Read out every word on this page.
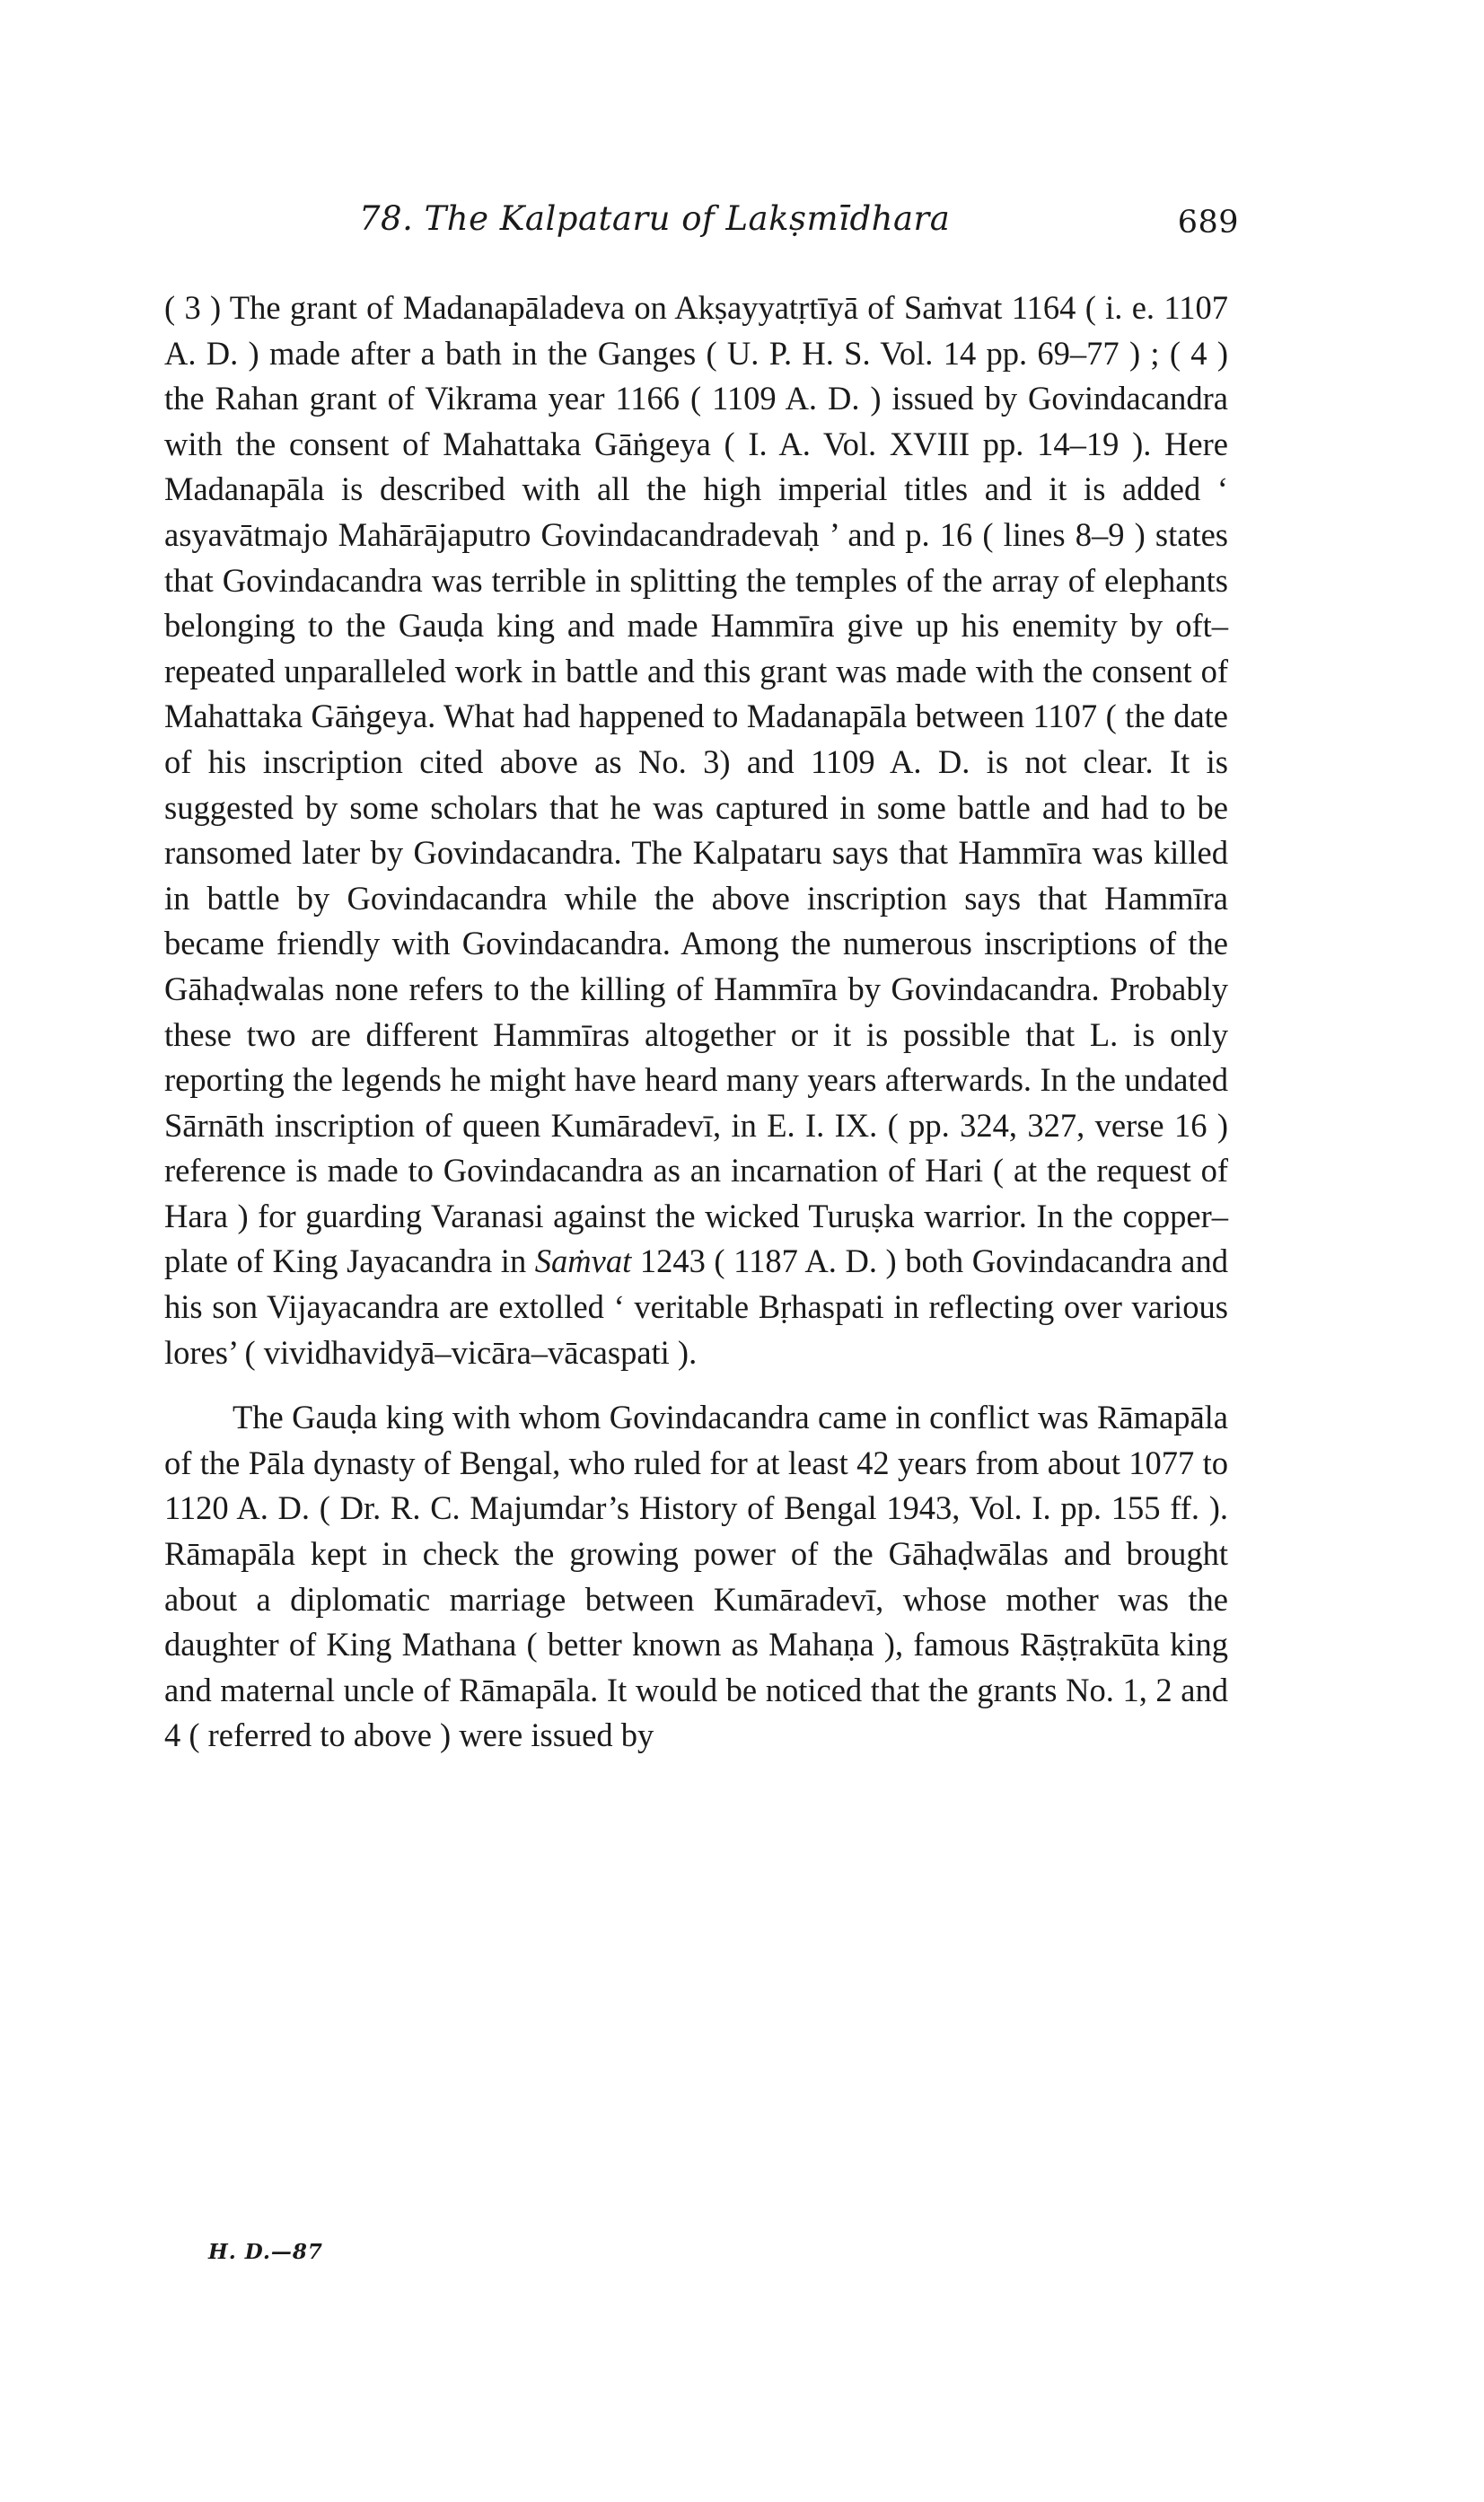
78. The Kalpataru of Lakṣmīdhara	689

( 3 ) The grant of Madanapāladeva on Akṣayyatṛtīyā of Saṁvat 1164 ( i. e. 1107 A. D. ) made after a bath in the Ganges ( U. P. H. S. Vol. 14 pp. 69–77 ) ; ( 4 ) the Rahan grant of Vikrama year 1166 ( 1109 A. D. ) issued by Govindacandra with the consent of Mahattaka Gāṅgeya ( I. A. Vol. XVIII pp. 14–19 ). Here Madanapāla is described with all the high imperial titles and it is added ‘ asyavātmajo Mahārājaputro Govindacandradevaḥ ’ and p. 16 ( lines 8–9 ) states that Govindacandra was terrible in splitting the temples of the array of elephants belonging to the Gauḍa king and made Hammīra give up his enemity by oft–repeated unparalleled work in battle and this grant was made with the consent of Mahattaka Gāṅgeya. What had happened to Madanapāla between 1107 ( the date of his inscription cited above as No. 3) and 1109 A. D. is not clear. It is suggested by some scholars that he was captured in some battle and had to be ransomed later by Govindacandra. The Kalpataru says that Hammīra was killed in battle by Govindacandra while the above inscription says that Hammīra became friendly with Govindacandra. Among the numerous inscriptions of the Gāhaḍwalas none refers to the killing of Hammīra by Govindacandra. Probably these two are different Hammīras altogether or it is possible that L. is only reporting the legends he might have heard many years afterwards. In the undated Sārnāth inscription of queen Kumāradevī, in E. I. IX. ( pp. 324, 327, verse 16 ) reference is made to Govindacandra as an incarnation of Hari ( at the request of Hara ) for guarding Varanasi against the wicked Turuṣka warrior. In the copper–plate of King Jayacandra in Saṁvat 1243 ( 1187 A. D. ) both Govindacandra and his son Vijayacandra are extolled ‘ veritable Bṛhaspati in reflecting over various lores’ ( vividhavidyā–vicāra–vācaspati ).

The Gauḍa king with whom Govindacandra came in conflict was Rāmapāla of the Pāla dynasty of Bengal, who ruled for at least 42 years from about 1077 to 1120 A. D. ( Dr. R. C. Majumdar’s History of Bengal 1943, Vol. I. pp. 155 ff. ). Rāmapāla kept in check the growing power of the Gāhaḍwālas and brought about a diplomatic marriage between Kumāradevī, whose mother was the daughter of King Mathana ( better known as Mahaṇa ), famous Rāṣṭrakūta king and maternal uncle of Rāmapāla. It would be noticed that the grants No. 1, 2 and 4 ( referred to above ) were issued by

H. D.—87
